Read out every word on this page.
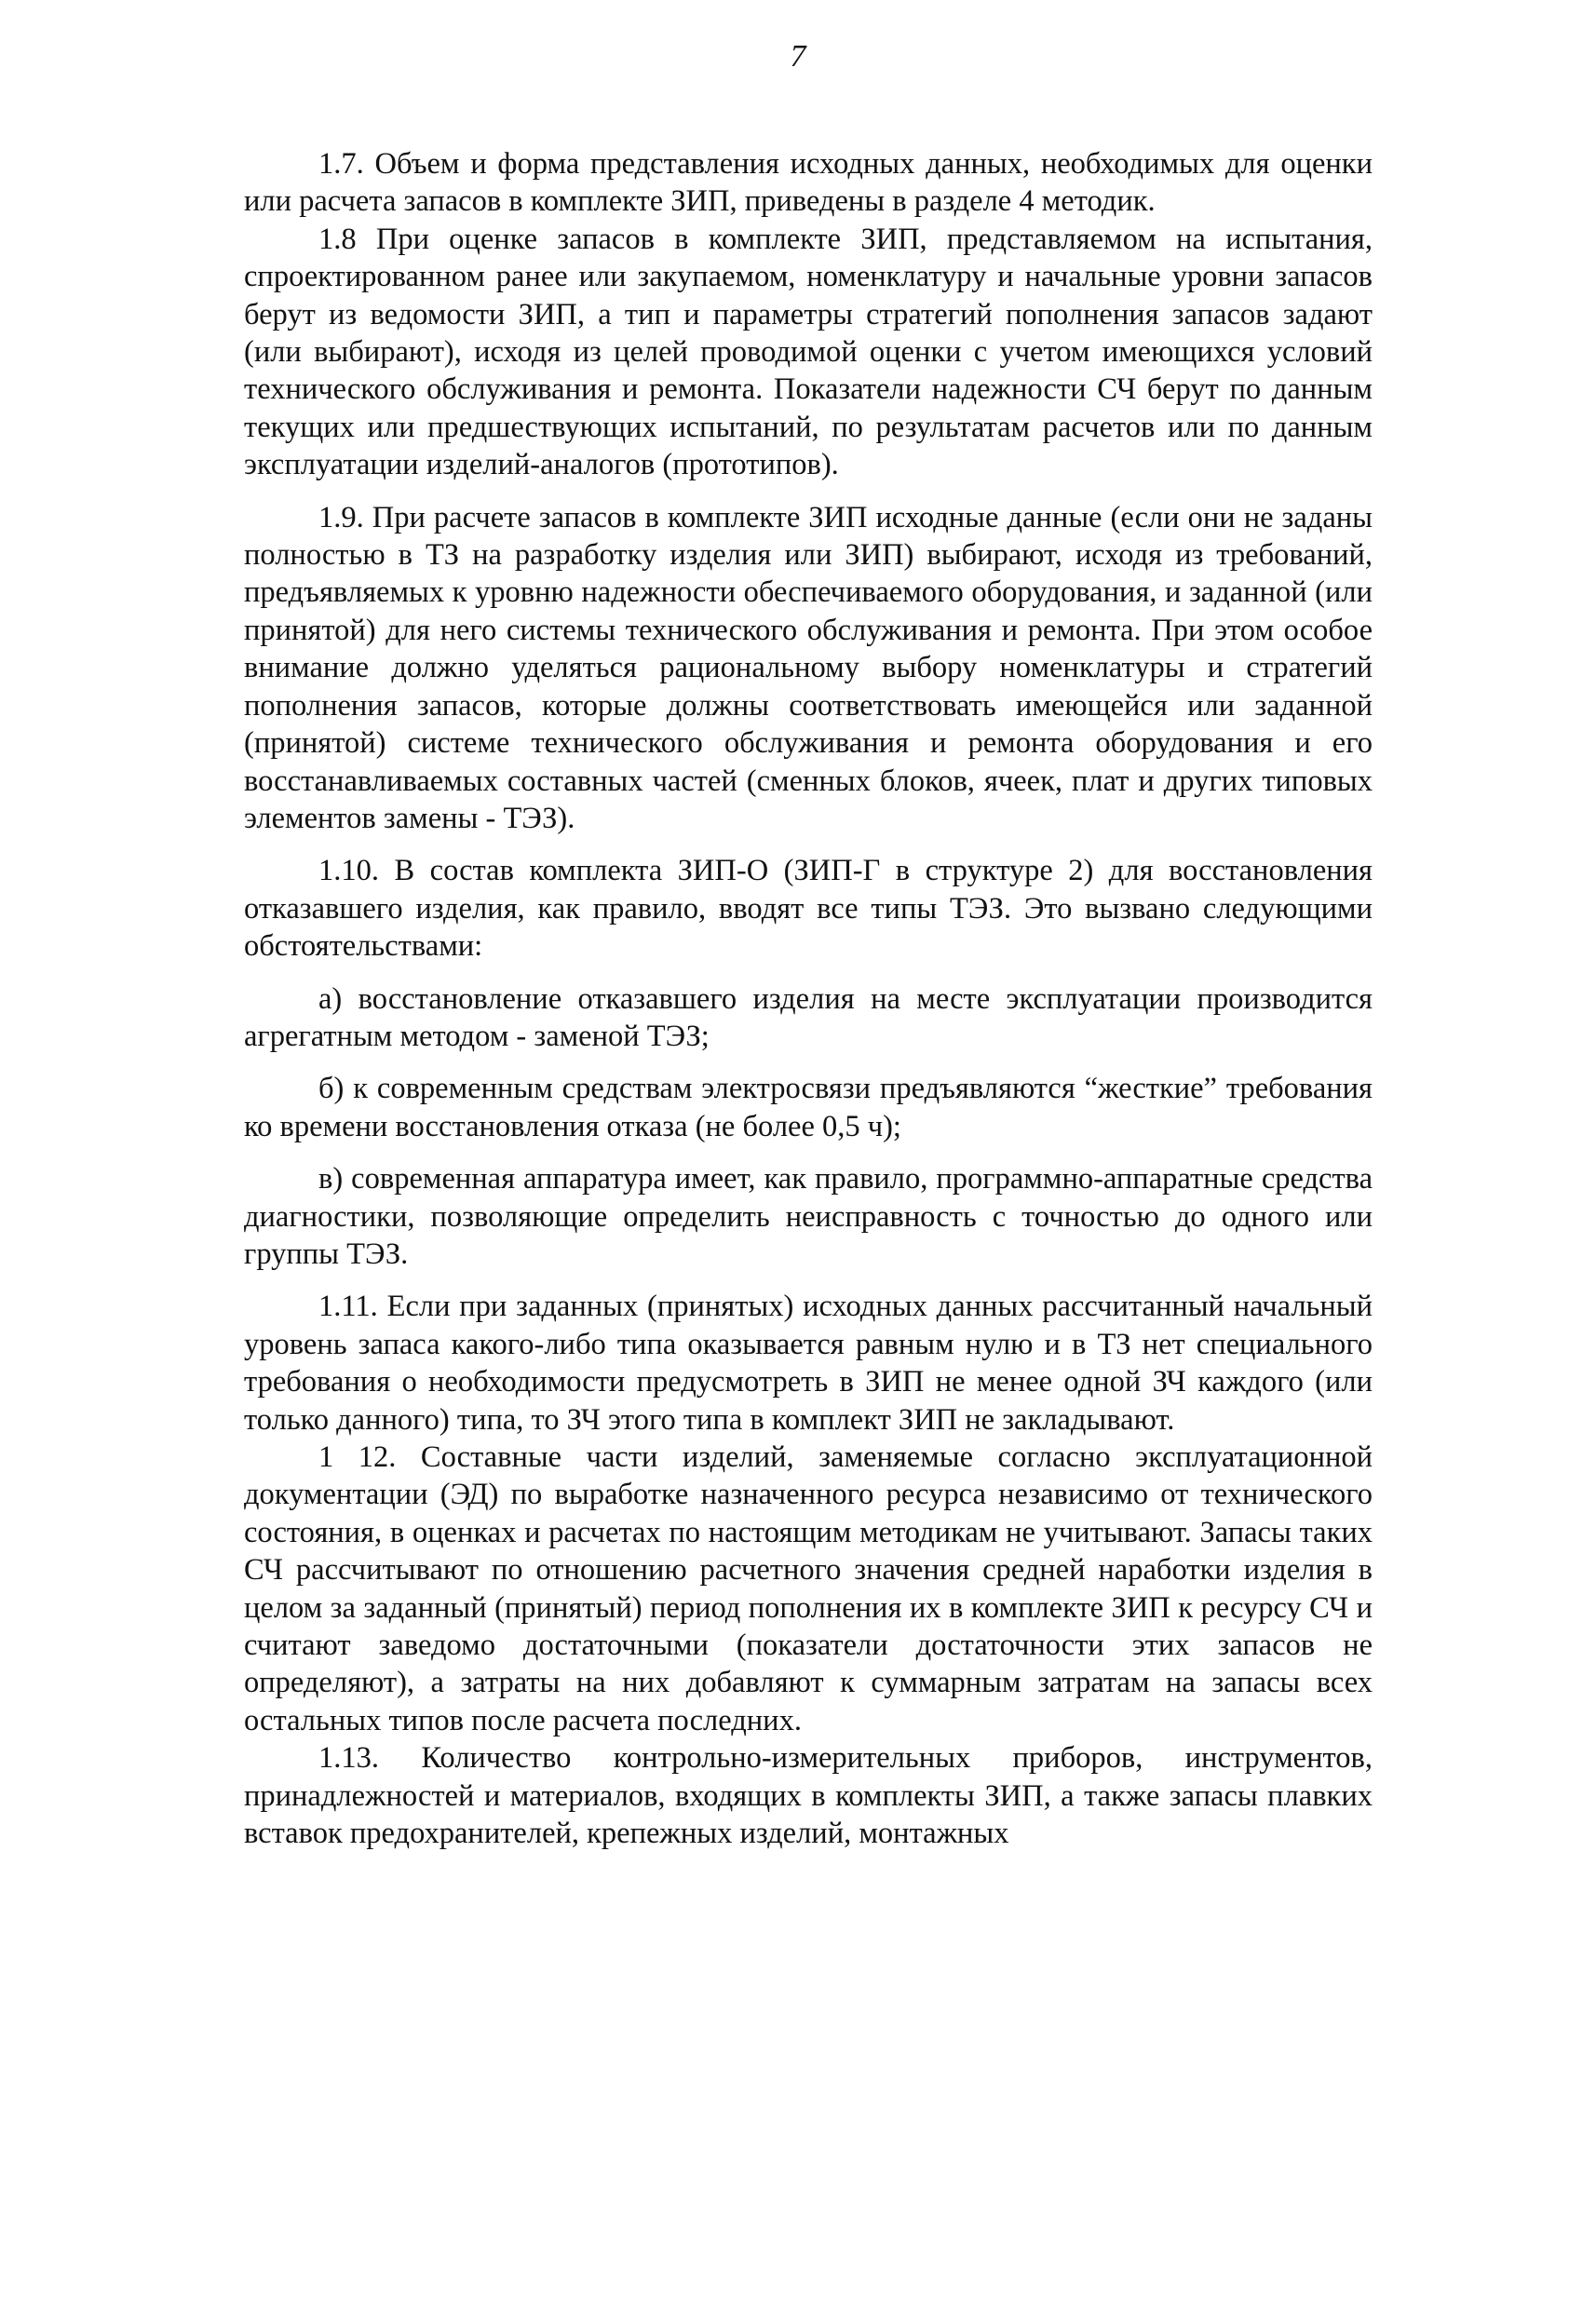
7

1.7. Объем и форма представления исходных данных, необходимых для оценки или расчета запасов в комплекте ЗИП, приведены в разделе 4 методик.

1.8 При оценке запасов в комплекте ЗИП, представляемом на испытания, спроектированном ранее или закупаемом, номенклатуру и начальные уровни запасов берут из ведомости ЗИП, а тип и параметры стратегий пополнения запасов задают (или выбирают), исходя из целей проводимой оценки с учетом имеющихся условий технического обслуживания и ремонта. Показатели надежности СЧ берут по данным текущих или предшествующих испытаний, по результатам расчетов или по данным эксплуатации изделий-аналогов (прототипов).

1.9. При расчете запасов в комплекте ЗИП исходные данные (если они не заданы полностью в ТЗ на разработку изделия или ЗИП) выбирают, исходя из требований, предъявляемых к уровню надежности обеспечиваемого оборудования, и заданной (или принятой) для него системы технического обслуживания и ремонта. При этом особое внимание должно уделяться рациональному выбору номенклатуры и стратегий пополнения запасов, которые должны соответствовать имеющейся или заданной (принятой) системе технического обслуживания и ремонта оборудования и его восстанавливаемых составных частей (сменных блоков, ячеек, плат и других типовых элементов замены - ТЭЗ).

1.10. В состав комплекта ЗИП-О (ЗИП-Г в структуре 2) для восстановления отказавшего изделия, как правило, вводят все типы ТЭЗ. Это вызвано следующими обстоятельствами:

а) восстановление отказавшего изделия на месте эксплуатации производится агрегатным методом - заменой ТЭЗ;

б) к современным средствам электросвязи предъявляются “жесткие” требования ко времени восстановления отказа (не более 0,5 ч);

в) современная аппаратура имеет, как правило, программно-аппаратные средства диагностики, позволяющие определить неисправность с точностью до одного или группы ТЭЗ.

1.11. Если при заданных (принятых) исходных данных рассчитанный начальный уровень запаса какого-либо типа оказывается равным нулю и в ТЗ нет специального требования о необходимости предусмотреть в ЗИП не менее одной ЗЧ каждого (или только данного) типа, то ЗЧ этого типа в комплект ЗИП не закладывают.

1 12. Составные части изделий, заменяемые согласно эксплуатационной документации (ЭД) по выработке назначенного ресурса независимо от технического состояния, в оценках и расчетах по настоящим методикам не учитывают. Запасы таких СЧ рассчитывают по отношению расчетного значения средней наработки изделия в целом за заданный (принятый) период пополнения их в комплекте ЗИП к ресурсу СЧ и считают заведомо достаточными (показатели достаточности этих запасов не определяют), а затраты на них добавляют к суммарным затратам на запасы всех остальных типов после расчета последних.

1.13. Количество контрольно-измерительных приборов, инструментов, принадлежностей и материалов, входящих в комплекты ЗИП, а также запасы плавких вставок предохранителей, крепежных изделий, монтажных
